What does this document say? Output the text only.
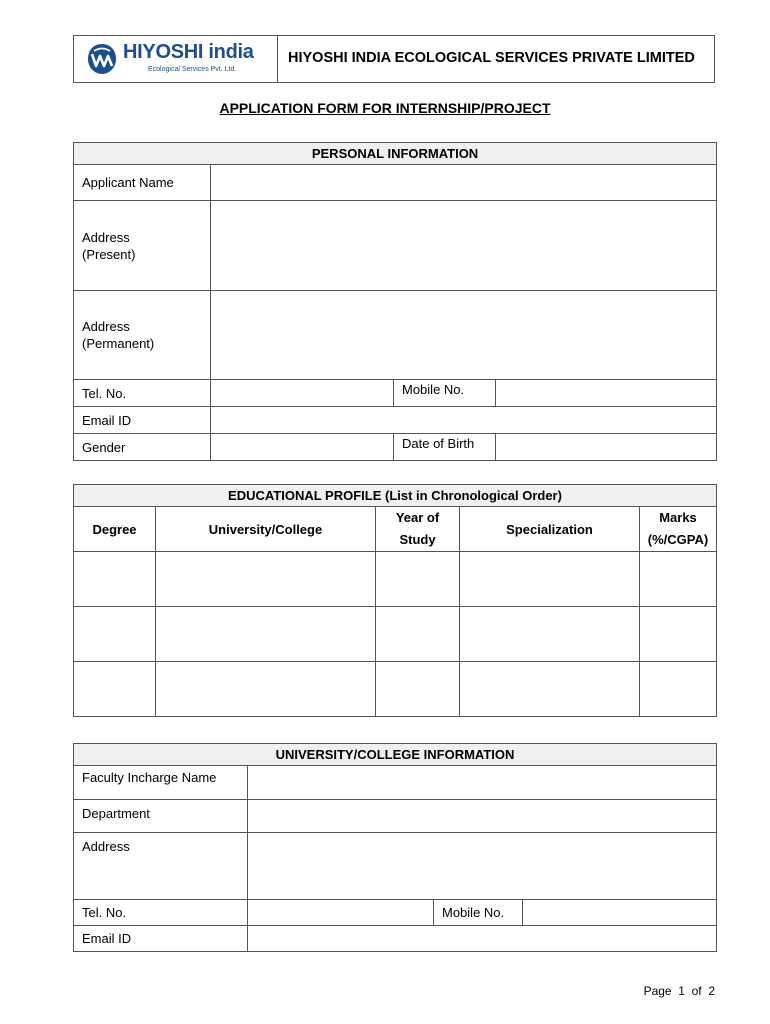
HIYOSHI india
Ecological Services Pvt. Ltd.
HIYOSHI INDIA ECOLOGICAL SERVICES PRIVATE LIMITED
APPLICATION FORM FOR INTERNSHIP/PROJECT
PERSONAL INFORMATION			
Applicant Name			

Address
(Present)			

Address
(Permanent)			

Tel. No.		Mobile No.	
Email ID			
Gender		Date of Birth	
EDUCATIONAL PROFILE (List in Chronological Order)				
Degree	University/College	Year of Study	Specialization	Marks (%/CGPA)

UNIVERSITY/COLLEGE INFORMATION			
Faculty Incharge Name			
Department			
Address			
Tel. No.		Mobile No.	
Email ID			
Page 1 of 2
